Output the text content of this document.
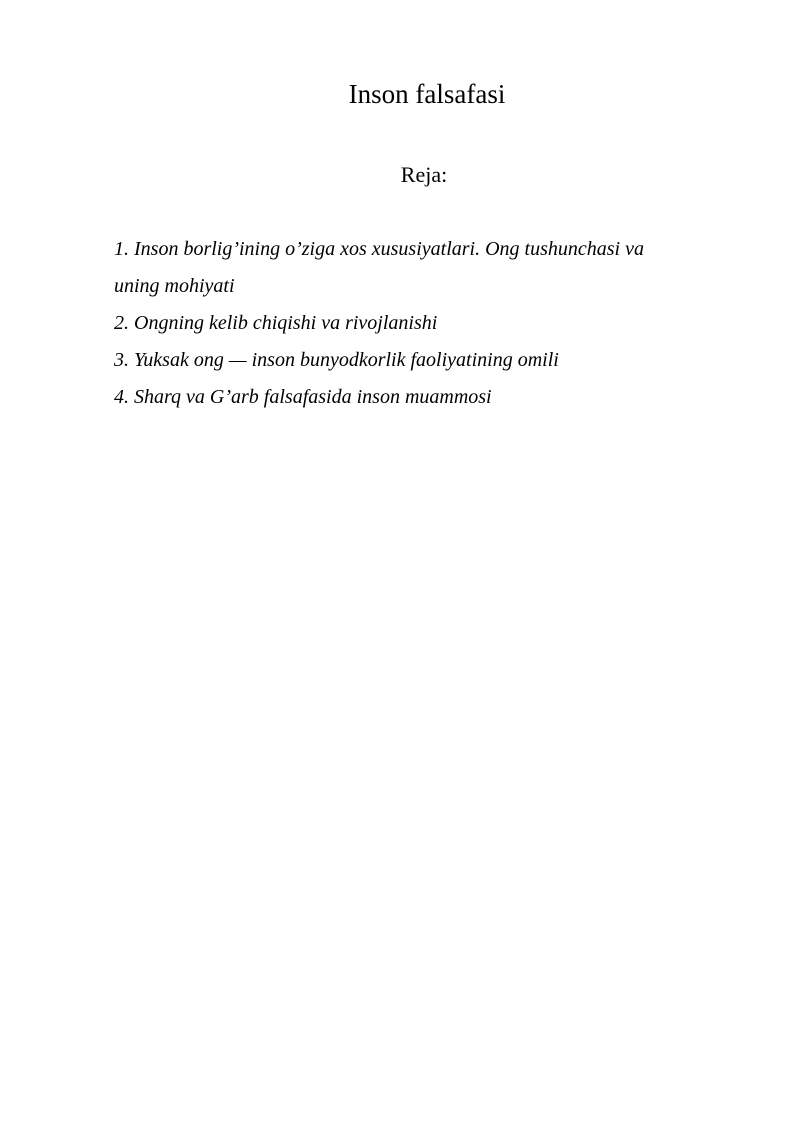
Inson falsafasi

Reja:

1. Inson borlig’ining o’ziga xos xususiyatlari. Ong tushunchasi va
uning mohiyati
2. Ongning kelib chiqishi va rivojlanishi
3. Yuksak ong — inson bunyodkorlik faoliyatining omili
4. Sharq va G’arb falsafasida inson muammosi
